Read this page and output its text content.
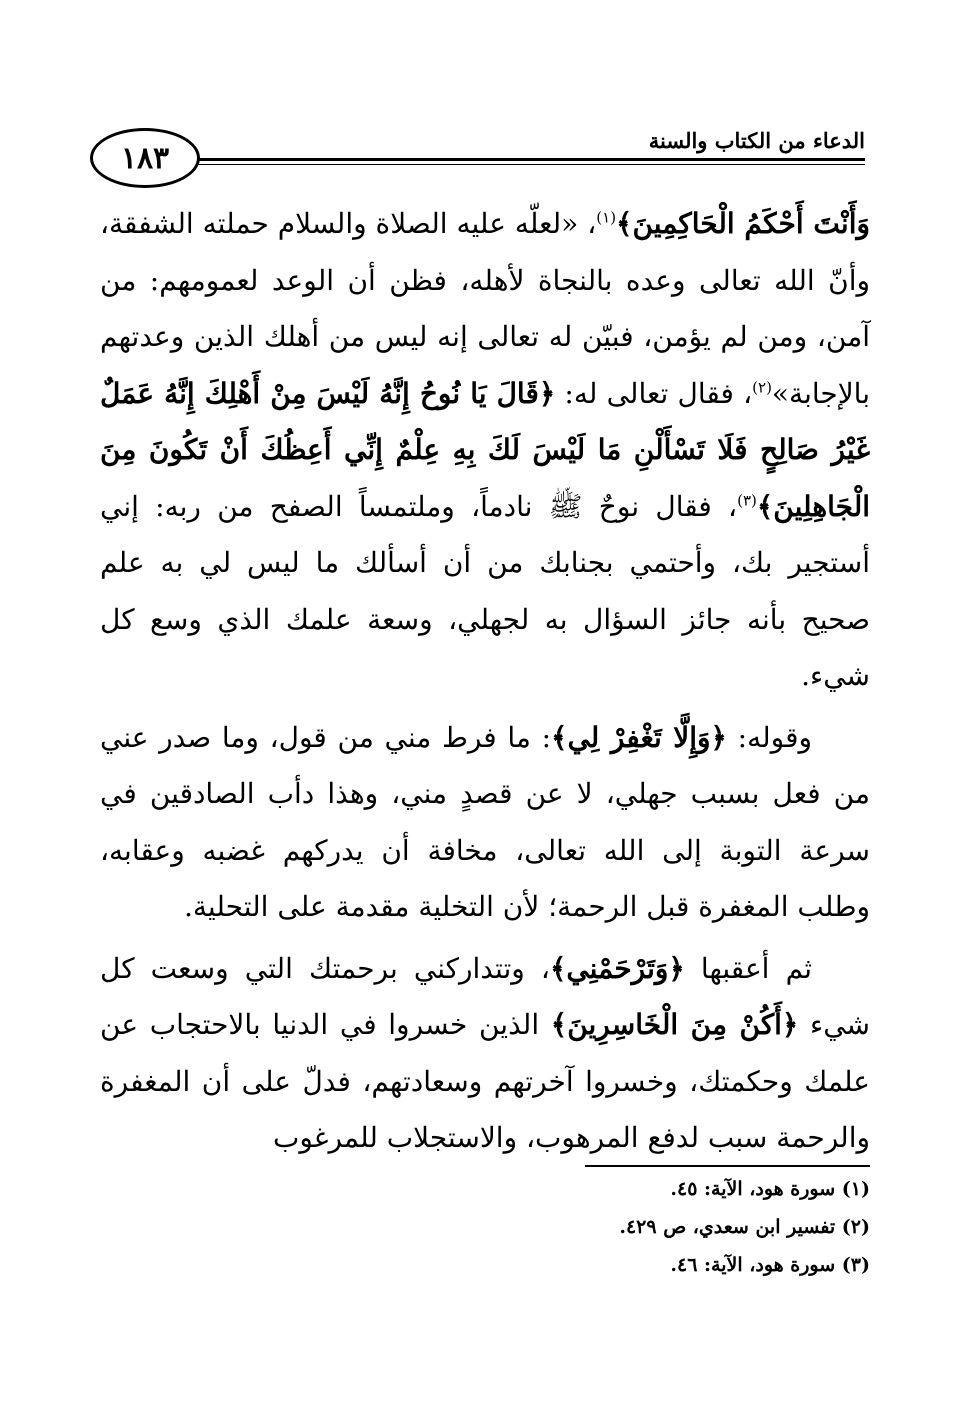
الدعاء من الكتاب والسنة
١٨٣

وَأَنْتَ أَحْكَمُ الْحَاكِمِينَ﴾$^{(١)}$، «لعلّه عليه الصلاة والسلام حملته الشفقة، وأنّ الله تعالى وعده بالنجاة لأهله، فظن أن الوعد لعمومهم: من آمن، ومن لم يؤمن، فبيّن له تعالى إنه ليس من أهلك الذين وعدتهم بالإجابة»$^{(٢)}$، فقال تعالى له: ﴿قَالَ يَا نُوحُ إِنَّهُ لَيْسَ مِنْ أَهْلِكَ إِنَّهُ عَمَلٌ غَيْرُ صَالِحٍ فَلَا تَسْأَلْنِ مَا لَيْسَ لَكَ بِهِ عِلْمٌ إِنِّي أَعِظُكَ أَنْ تَكُونَ مِنَ الْجَاهِلِينَ﴾$^{(٣)}$، فقال نوحٌ ﷺ نادماً، وملتمساً الصفح من ربه: إني أستجير بك، وأحتمي بجنابك من أن أسألك ما ليس لي به علم صحيح بأنه جائز السؤال به لجهلي، وسعة علمك الذي وسع كل شيء.

وقوله: ﴿وَإِلَّا تَغْفِرْ لِي﴾: ما فرط مني من قول، وما صدر عني من فعل بسبب جهلي، لا عن قصدٍ مني، وهذا دأب الصادقين في سرعة التوبة إلى الله تعالى، مخافة أن يدركهم غضبه وعقابه، وطلب المغفرة قبل الرحمة؛ لأن التخلية مقدمة على التحلية.

ثم أعقبها ﴿وَتَرْحَمْنِي﴾، وتتداركني برحمتك التي وسعت كل شيء ﴿أَكُنْ مِنَ الْخَاسِرِينَ﴾ الذين خسروا في الدنيا بالاحتجاب عن علمك وحكمتك، وخسروا آخرتهم وسعادتهم، فدلّ على أن المغفرة والرحمة سبب لدفع المرهوب، والاستجلاب للمرغوب

(١) سورة هود، الآية: ٤٥.
(٢) تفسير ابن سعدي، ص ٤٢٩.
(٣) سورة هود، الآية: ٤٦.
